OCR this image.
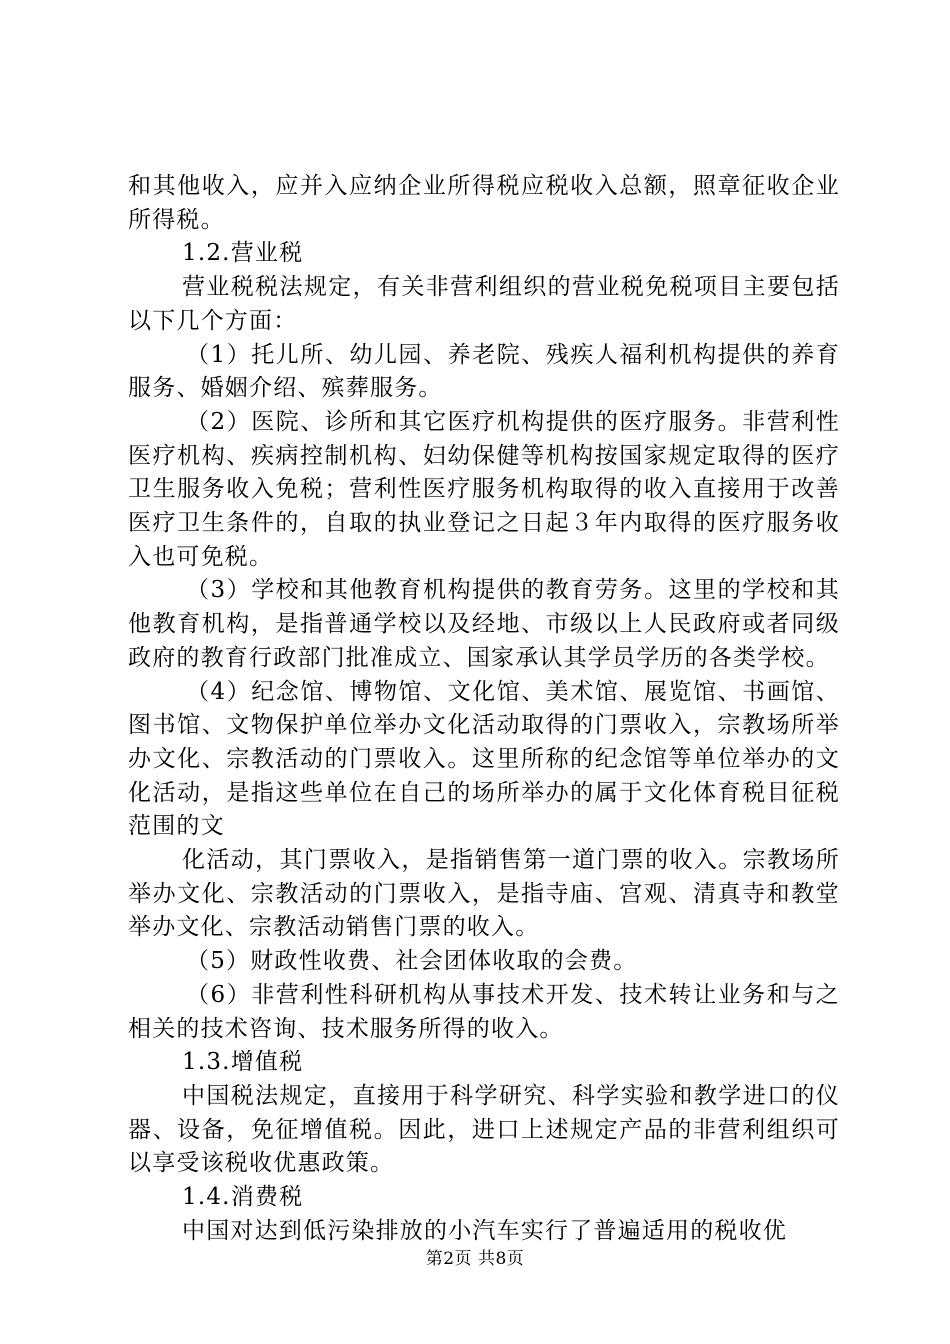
和其他收入，应并入应纳企业所得税应税收入总额，照章征收企业所得税。

1.2.营业税

营业税税法规定，有关非营利组织的营业税免税项目主要包括以下几个方面：

（1）托儿所、幼儿园、养老院、残疾人福利机构提供的养育服务、婚姻介绍、殡葬服务。

（2）医院、诊所和其它医疗机构提供的医疗服务。非营利性医疗机构、疾病控制机构、妇幼保健等机构按国家规定取得的医疗卫生服务收入免税；营利性医疗服务机构取得的收入直接用于改善医疗卫生条件的，自取的执业登记之日起３年内取得的医疗服务收入也可免税。

（3）学校和其他教育机构提供的教育劳务。这里的学校和其他教育机构，是指普通学校以及经地、市级以上人民政府或者同级政府的教育行政部门批准成立、国家承认其学员学历的各类学校。

（4）纪念馆、博物馆、文化馆、美术馆、展览馆、书画馆、图书馆、文物保护单位举办文化活动取得的门票收入，宗教场所举办文化、宗教活动的门票收入。这里所称的纪念馆等单位举办的文化活动，是指这些单位在自己的场所举办的属于文化体育税目征税范围的文

化活动，其门票收入，是指销售第一道门票的收入。宗教场所举办文化、宗教活动的门票收入，是指寺庙、宫观、清真寺和教堂举办文化、宗教活动销售门票的收入。

（5）财政性收费、社会团体收取的会费。

（6）非营利性科研机构从事技术开发、技术转让业务和与之相关的技术咨询、技术服务所得的收入。

1.3.增值税

中国税法规定，直接用于科学研究、科学实验和教学进口的仪器、设备，免征增值税。因此，进口上述规定产品的非营利组织可以享受该税收优惠政策。

1.4.消费税

中国对达到低污染排放的小汽车实行了普遍适用的税收优

第2页 共8页
